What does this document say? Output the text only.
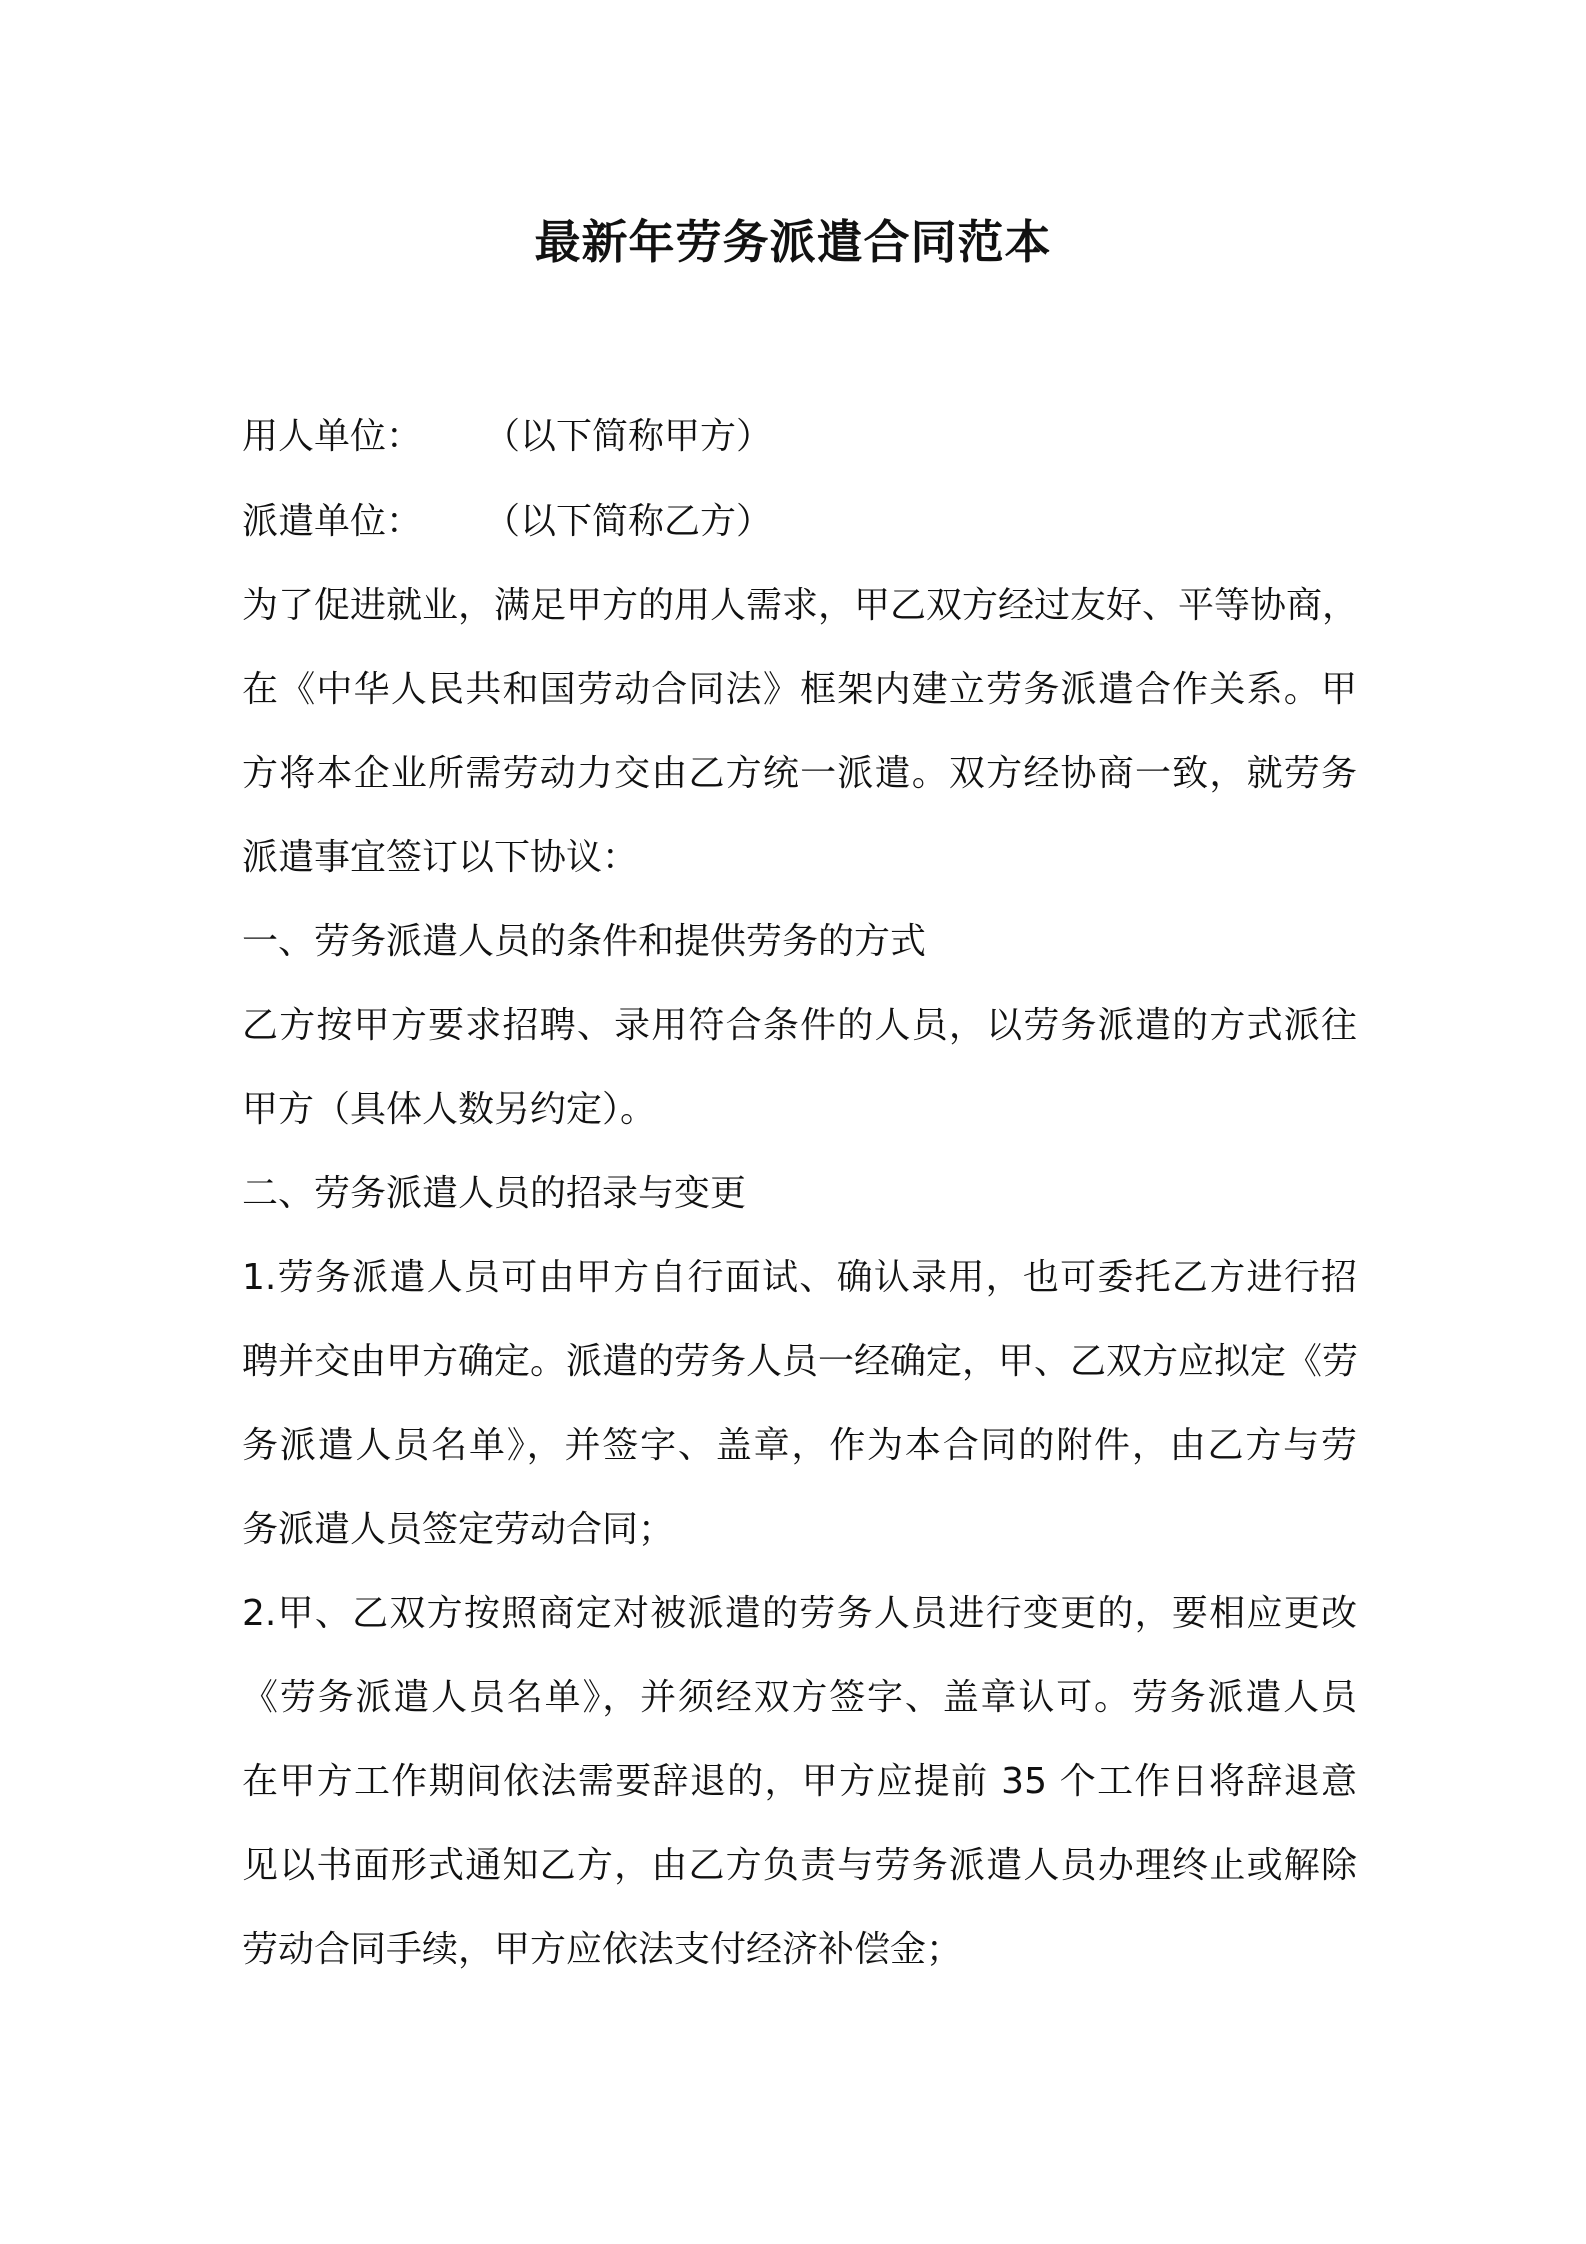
最新年劳务派遣合同范本
用人单位： （以下简称甲方）
派遣单位： （以下简称乙方）
为了促进就业，满足甲方的用人需求，甲乙双方经过友好、平等协商，
在《中华人民共和国劳动合同法》框架内建立劳务派遣合作关系。甲
方将本企业所需劳动力交由乙方统一派遣。双方经协商一致，就劳务
派遣事宜签订以下协议：
一、劳务派遣人员的条件和提供劳务的方式
乙方按甲方要求招聘、录用符合条件的人员，以劳务派遣的方式派往
甲方（具体人数另约定）。
二、劳务派遣人员的招录与变更
1.劳务派遣人员可由甲方自行面试、确认录用，也可委托乙方进行招
聘并交由甲方确定。派遣的劳务人员一经确定，甲、乙双方应拟定《劳
务派遣人员名单》，并签字、盖章，作为本合同的附件，由乙方与劳
务派遣人员签定劳动合同；
2.甲、乙双方按照商定对被派遣的劳务人员进行变更的，要相应更改
《劳务派遣人员名单》，并须经双方签字、盖章认可。劳务派遣人员
在甲方工作期间依法需要辞退的，甲方应提前 35 个工作日将辞退意
见以书面形式通知乙方，由乙方负责与劳务派遣人员办理终止或解除
劳动合同手续，甲方应依法支付经济补偿金；
